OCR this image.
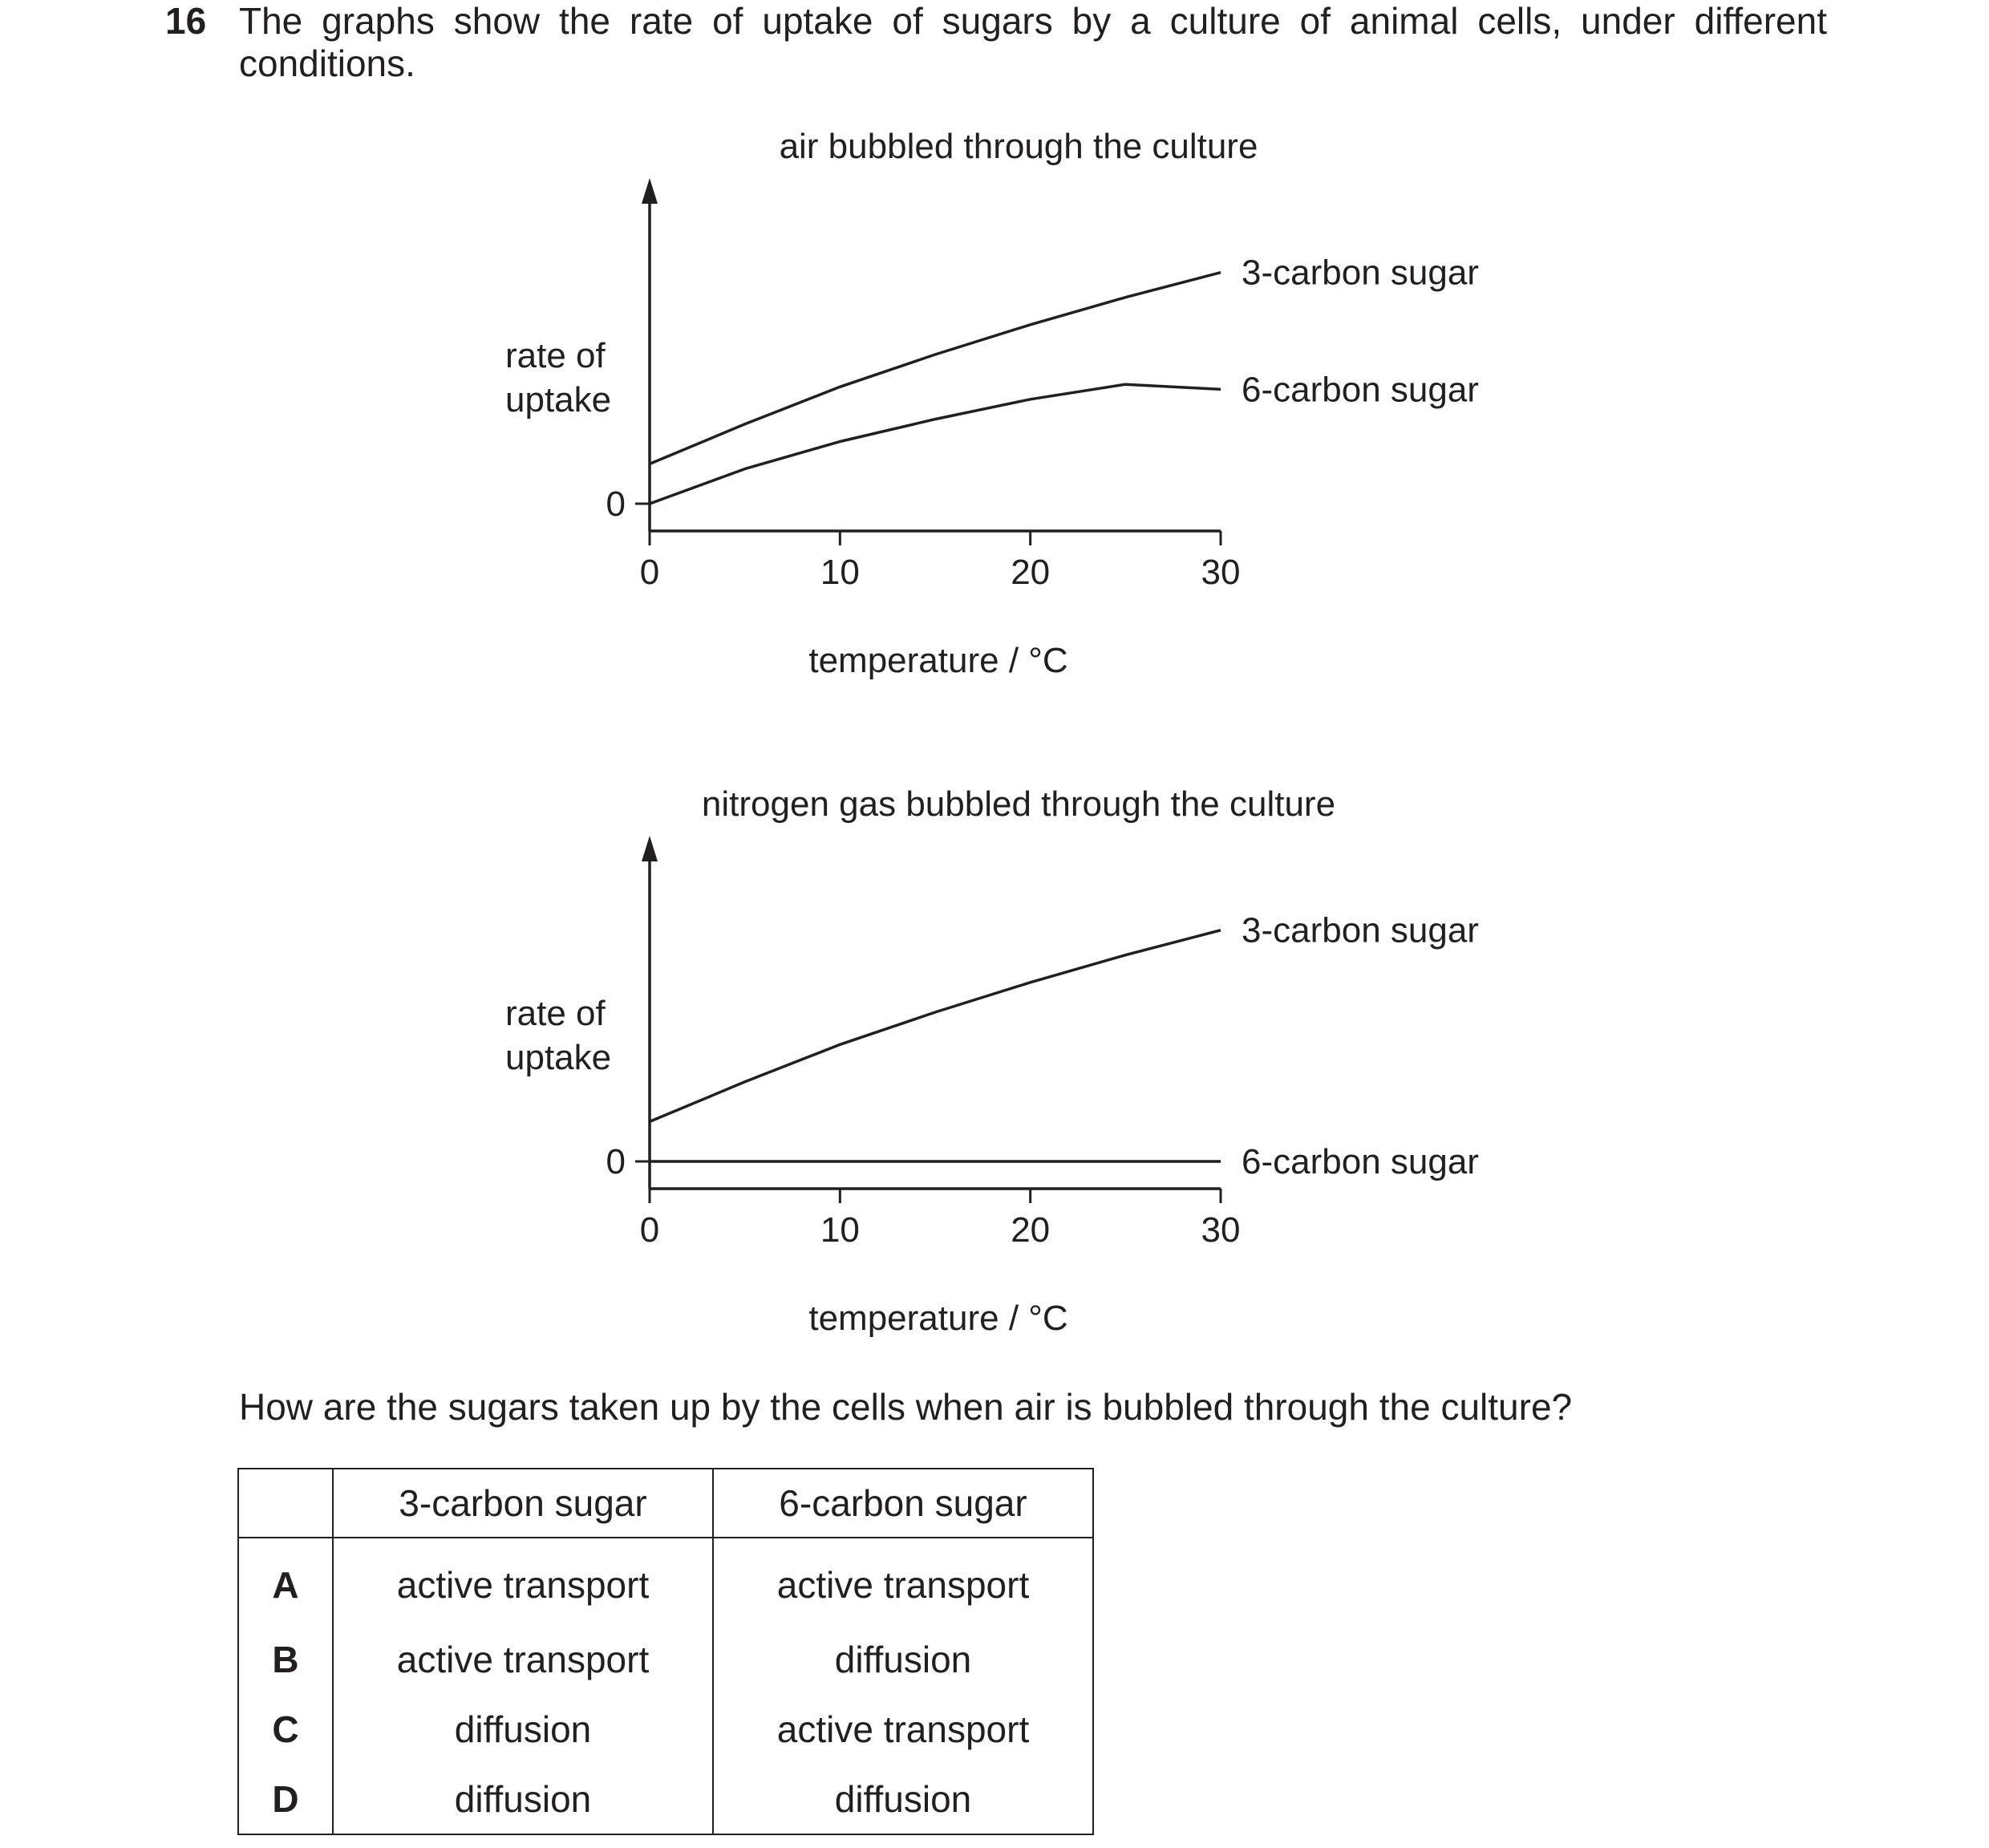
16 The graphs show the rate of uptake of sugars by a culture of animal cells, under different conditions.
air bubbled through the culture
0	10	20	30
0
rate of uptake
temperature / °C
3-carbon sugar
6-carbon sugar
nitrogen gas bubbled through the culture
0	10	20	30
0
rate of uptake
temperature / °C
3-carbon sugar
6-carbon sugar
How are the sugars taken up by the cells when air is bubbled through the culture?
	3-carbon sugar	6-carbon sugar
A	active transport	active transport
B	active transport	diffusion
C	diffusion	active transport
D	diffusion	diffusion
